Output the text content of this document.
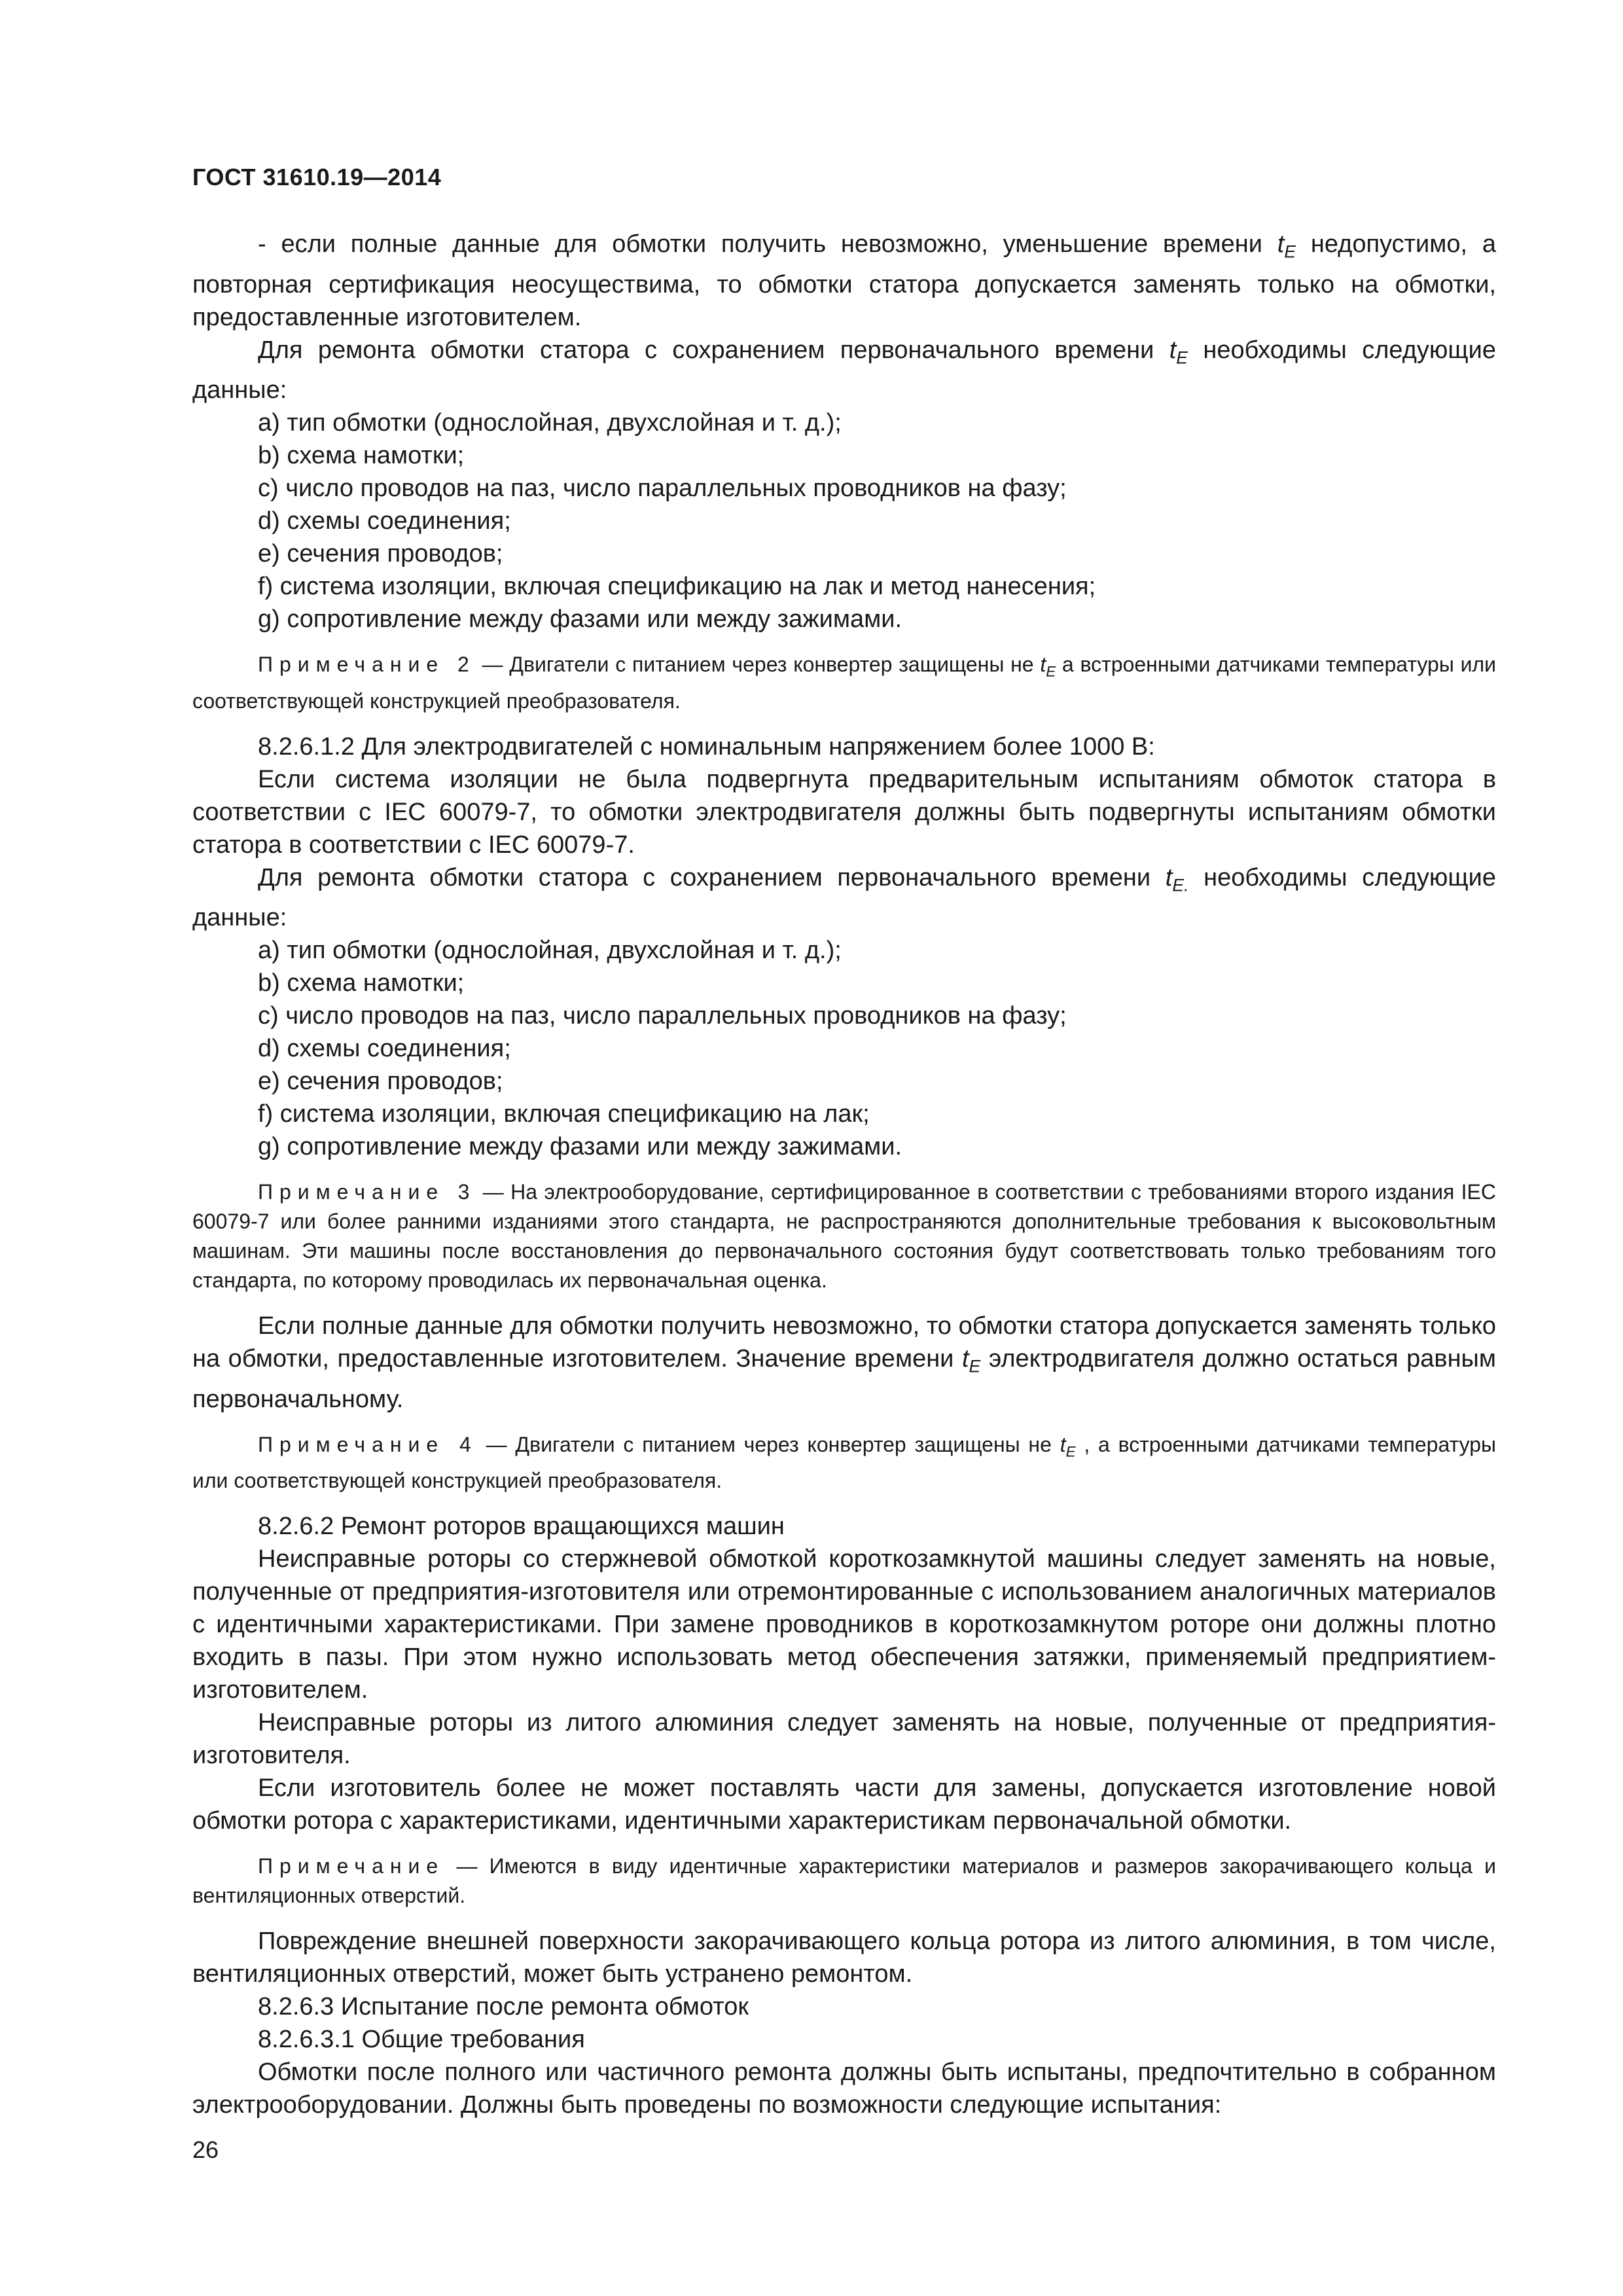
ГОСТ 31610.19—2014

- если полные данные для обмотки получить невозможно, уменьшение времени $t_E$ недопустимо, а повторная сертификация неосуществима, то обмотки статора допускается заменять только на обмотки, предоставленные изготовителем.

Для ремонта обмотки статора с сохранением первоначального времени $t_E$ необходимы следующие данные:

a) тип обмотки (однослойная, двухслойная и т. д.);

b) схема намотки;

c) число проводов на паз, число параллельных проводников на фазу;

d) схемы соединения;

e) сечения проводов;

f) система изоляции, включая спецификацию на лак и метод нанесения;

g) сопротивление между фазами или между зажимами.

Примечание 2 — Двигатели с питанием через конвертер защищены не $t_E$ а встроенными датчиками температуры или соответствующей конструкцией преобразователя.

8.2.6.1.2 Для электродвигателей с номинальным напряжением более 1000 В:

Если система изоляции не была подвергнута предварительным испытаниям обмоток статора в соответствии с IEC 60079-7, то обмотки электродвигателя должны быть подвергнуты испытаниям обмотки статора в соответствии с IEC 60079-7.

Для ремонта обмотки статора с сохранением первоначального времени $t_{E.}$ необходимы следующие данные:

a) тип обмотки (однослойная, двухслойная и т. д.);

b) схема намотки;

c) число проводов на паз, число параллельных проводников на фазу;

d) схемы соединения;

e) сечения проводов;

f) система изоляции, включая спецификацию на лак;

g) сопротивление между фазами или между зажимами.

Примечание 3 — На электрооборудование, сертифицированное в соответствии с требованиями второго издания IEC 60079-7 или более ранними изданиями этого стандарта, не распространяются дополнительные требования к высоковольтным машинам. Эти машины после восстановления до первоначального состояния будут соответствовать только требованиям того стандарта, по которому проводилась их первоначальная оценка.

Если полные данные для обмотки получить невозможно, то обмотки статора допускается заменять только на обмотки, предоставленные изготовителем. Значение времени $t_E$ электродвигателя должно остаться равным первоначальному.

Примечание 4 — Двигатели с питанием через конвертер защищены не $t_E$ , а встроенными датчиками температуры или соответствующей конструкцией преобразователя.

8.2.6.2 Ремонт роторов вращающихся машин

Неисправные роторы со стержневой обмоткой короткозамкнутой машины следует заменять на новые, полученные от предприятия-изготовителя или отремонтированные с использованием аналогичных материалов с идентичными характеристиками. При замене проводников в короткозамкнутом роторе они должны плотно входить в пазы. При этом нужно использовать метод обеспечения затяжки, применяемый предприятием-изготовителем.

Неисправные роторы из литого алюминия следует заменять на новые, полученные от предприятия-изготовителя.

Если изготовитель более не может поставлять части для замены, допускается изготовление новой обмотки ротора с характеристиками, идентичными характеристикам первоначальной обмотки.

Примечание — Имеются в виду идентичные характеристики материалов и размеров закорачивающего кольца и вентиляционных отверстий.

Повреждение внешней поверхности закорачивающего кольца ротора из литого алюминия, в том числе, вентиляционных отверстий, может быть устранено ремонтом.

8.2.6.3 Испытание после ремонта обмоток

8.2.6.3.1 Общие требования

Обмотки после полного или частичного ремонта должны быть испытаны, предпочтительно в собранном электрооборудовании. Должны быть проведены по возможности следующие испытания:

26
